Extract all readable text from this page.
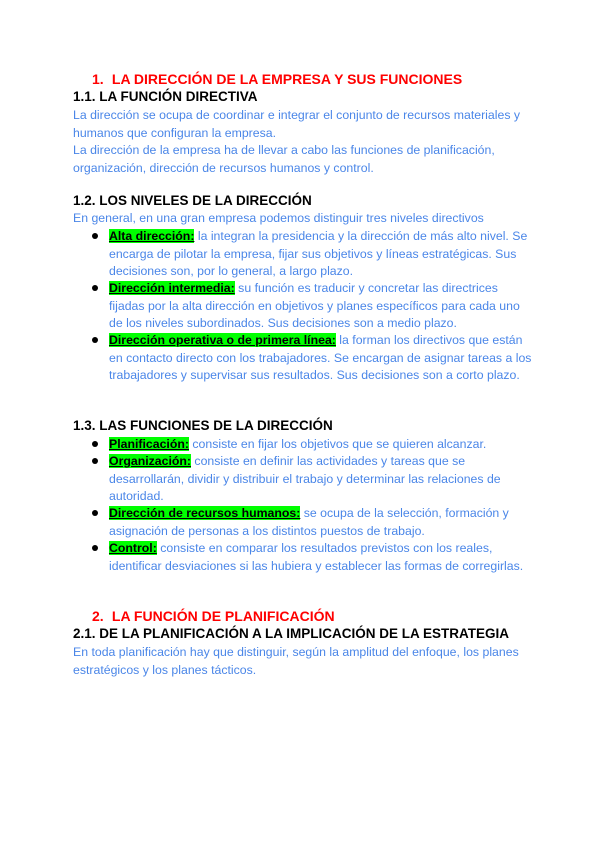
1. LA DIRECCIÓN DE LA EMPRESA Y SUS FUNCIONES
1.1. LA FUNCIÓN DIRECTIVA
La dirección se ocupa de coordinar e integrar el conjunto de recursos materiales y humanos que configuran la empresa.
La dirección de la empresa ha de llevar a cabo las funciones de planificación, organización, dirección de recursos humanos y control.
1.2. LOS NIVELES DE LA DIRECCIÓN
En general, en una gran empresa podemos distinguir tres niveles directivos
Alta dirección: la integran la presidencia y la dirección de más alto nivel. Se encarga de pilotar la empresa, fijar sus objetivos y líneas estratégicas. Sus decisiones son, por lo general, a largo plazo.
Dirección intermedia: su función es traducir y concretar las directrices fijadas por la alta dirección en objetivos y planes específicos para cada uno de los niveles subordinados. Sus decisiones son a medio plazo.
Dirección operativa o de primera línea: la forman los directivos que están en contacto directo con los trabajadores. Se encargan de asignar tareas a los trabajadores y supervisar sus resultados. Sus decisiones son a corto plazo.
1.3. LAS FUNCIONES DE LA DIRECCIÓN
Planificación: consiste en fijar los objetivos que se quieren alcanzar.
Organización: consiste en definir las actividades y tareas que se desarrollarán, dividir y distribuir el trabajo y determinar las relaciones de autoridad.
Dirección de recursos humanos: se ocupa de la selección, formación y asignación de personas a los distintos puestos de trabajo.
Control: consiste en comparar los resultados previstos con los reales, identificar desviaciones si las hubiera y establecer las formas de corregirlas.
2. LA FUNCIÓN DE PLANIFICACIÓN
2.1. DE LA PLANIFICACIÓN A LA IMPLICACIÓN DE LA ESTRATEGIA
En toda planificación hay que distinguir, según la amplitud del enfoque, los planes estratégicos y los planes tácticos.
